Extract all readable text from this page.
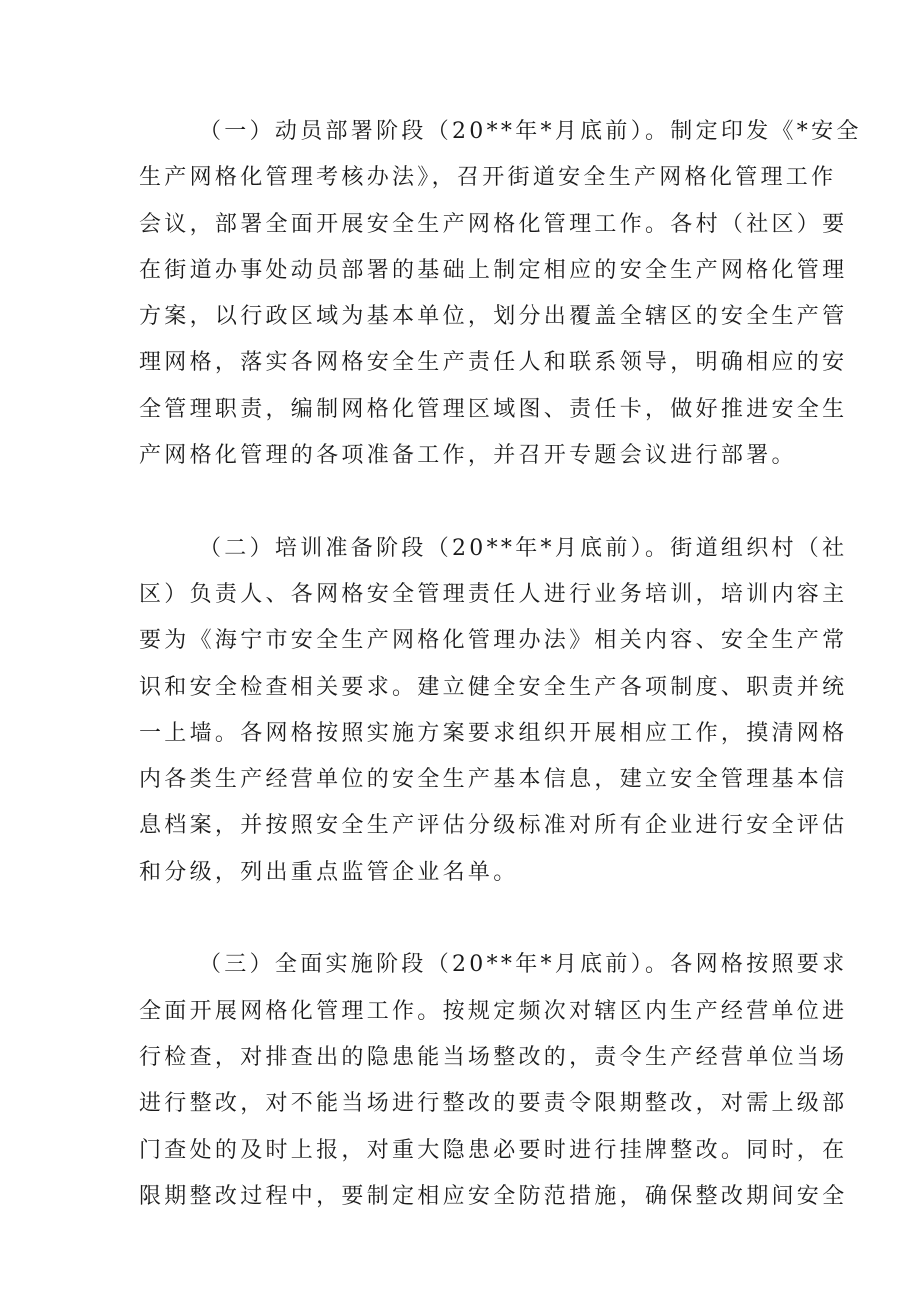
（一）动员部署阶段（20**年*月底前）。制定印发《*安全
生产网格化管理考核办法》，召开街道安全生产网格化管理工作
会议，部署全面开展安全生产网格化管理工作。各村（社区）要
在街道办事处动员部署的基础上制定相应的安全生产网格化管理
方案，以行政区域为基本单位，划分出覆盖全辖区的安全生产管
理网格，落实各网格安全生产责任人和联系领导，明确相应的安
全管理职责，编制网格化管理区域图、责任卡，做好推进安全生
产网格化管理的各项准备工作，并召开专题会议进行部署。
（二）培训准备阶段（20**年*月底前）。街道组织村（社
区）负责人、各网格安全管理责任人进行业务培训，培训内容主
要为《海宁市安全生产网格化管理办法》相关内容、安全生产常
识和安全检查相关要求。建立健全安全生产各项制度、职责并统
一上墙。各网格按照实施方案要求组织开展相应工作，摸清网格
内各类生产经营单位的安全生产基本信息，建立安全管理基本信
息档案，并按照安全生产评估分级标准对所有企业进行安全评估
和分级，列出重点监管企业名单。
（三）全面实施阶段（20**年*月底前）。各网格按照要求
全面开展网格化管理工作。按规定频次对辖区内生产经营单位进
行检查，对排查出的隐患能当场整改的，责令生产经营单位当场
进行整改，对不能当场进行整改的要责令限期整改，对需上级部
门查处的及时上报，对重大隐患必要时进行挂牌整改。同时，在
限期整改过程中，要制定相应安全防范措施，确保整改期间安全
